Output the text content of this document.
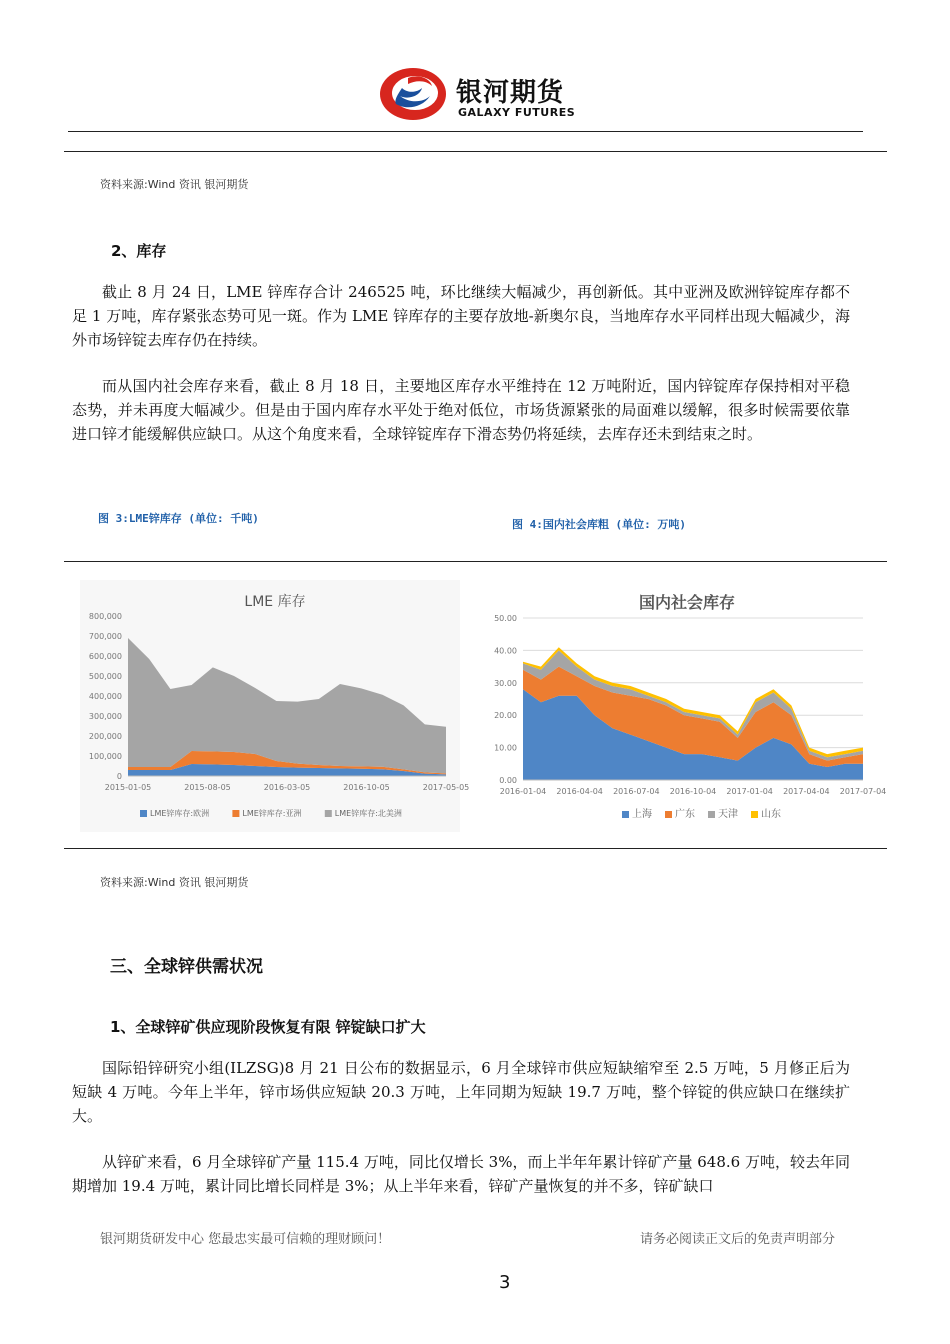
银河期货
GALAXY FUTURES
资料来源:Wind 资讯 银河期货
2、库存
截止 8 月 24 日，LME 锌库存合计 246525 吨，环比继续大幅减少，再创新低。其中亚洲及欧洲锌锭库存都不足 1 万吨，库存紧张态势可见一斑。作为 LME 锌库存的主要存放地-新奥尔良，当地库存水平同样出现大幅减少，海外市场锌锭去库存仍在持续。
而从国内社会库存来看，截止 8 月 18 日，主要地区库存水平维持在 12 万吨附近，国内锌锭库存保持相对平稳态势，并未再度大幅减少。但是由于国内库存水平处于绝对低位，市场货源紧张的局面难以缓解，很多时候需要依靠进口锌才能缓解供应缺口。从这个角度来看，全球锌锭库存下滑态势仍将延续，去库存还未到结束之时。
图 3:LME锌库存 (单位: 千吨)	图 4:国内社会库粗 (单位: 万吨)
LME 库存
800,000
700,000
600,000
500,000
400,000
300,000
200,000
100,000
0
2015-01-05	2015-08-05	2016-03-05	2016-10-05	2017-05-05
LME锌库存:欧洲	LME锌库存:亚洲	LME锌库存:北美洲
国内社会库存
50.00
40.00
30.00
20.00
10.00
0.00
2016-01-04 2016-04-04 2016-07-04 2016-10-04 2017-01-04 2017-04-04 2017-07-04
上海 广东 天津 山东
资料来源:Wind 资讯 银河期货
三、全球锌供需状况
1、全球锌矿供应现阶段恢复有限 锌锭缺口扩大
国际铅锌研究小组(ILZSG)8 月 21 日公布的数据显示，6 月全球锌市供应短缺缩窄至 2.5 万吨，5 月修正后为短缺 4 万吨。今年上半年，锌市场供应短缺 20.3 万吨，上年同期为短缺 19.7 万吨，整个锌锭的供应缺口在继续扩大。
从锌矿来看，6 月全球锌矿产量 115.4 万吨，同比仅增长 3%，而上半年年累计锌矿产量 648.6 万吨，较去年同期增加 19.4 万吨，累计同比增长同样是 3%；从上半年来看，锌矿产量恢复的并不多，锌矿缺口
银河期货研发中心 您最忠实最可信赖的理财顾问！	请务必阅读正文后的免责声明部分
3
